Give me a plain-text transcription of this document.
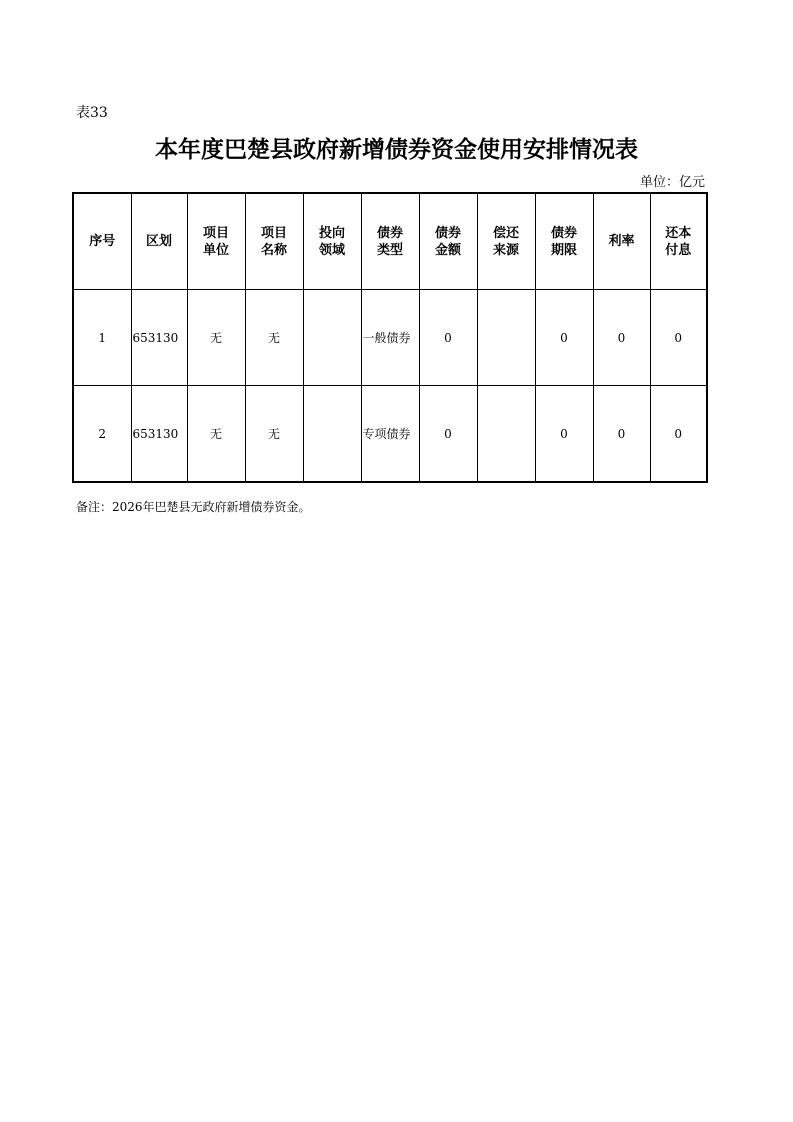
表33
本年度巴楚县政府新增债券资金使用安排情况表
单位：亿元
序号	区划	项目单位	项目名称	投向领域	债券类型	债券金额	偿还来源	债券期限	利率	还本付息
1	653130	无	无		一般债券	0		0	0	0
2	653130	无	无		专项债券	0		0	0	0
备注：2026年巴楚县无政府新增债券资金。
